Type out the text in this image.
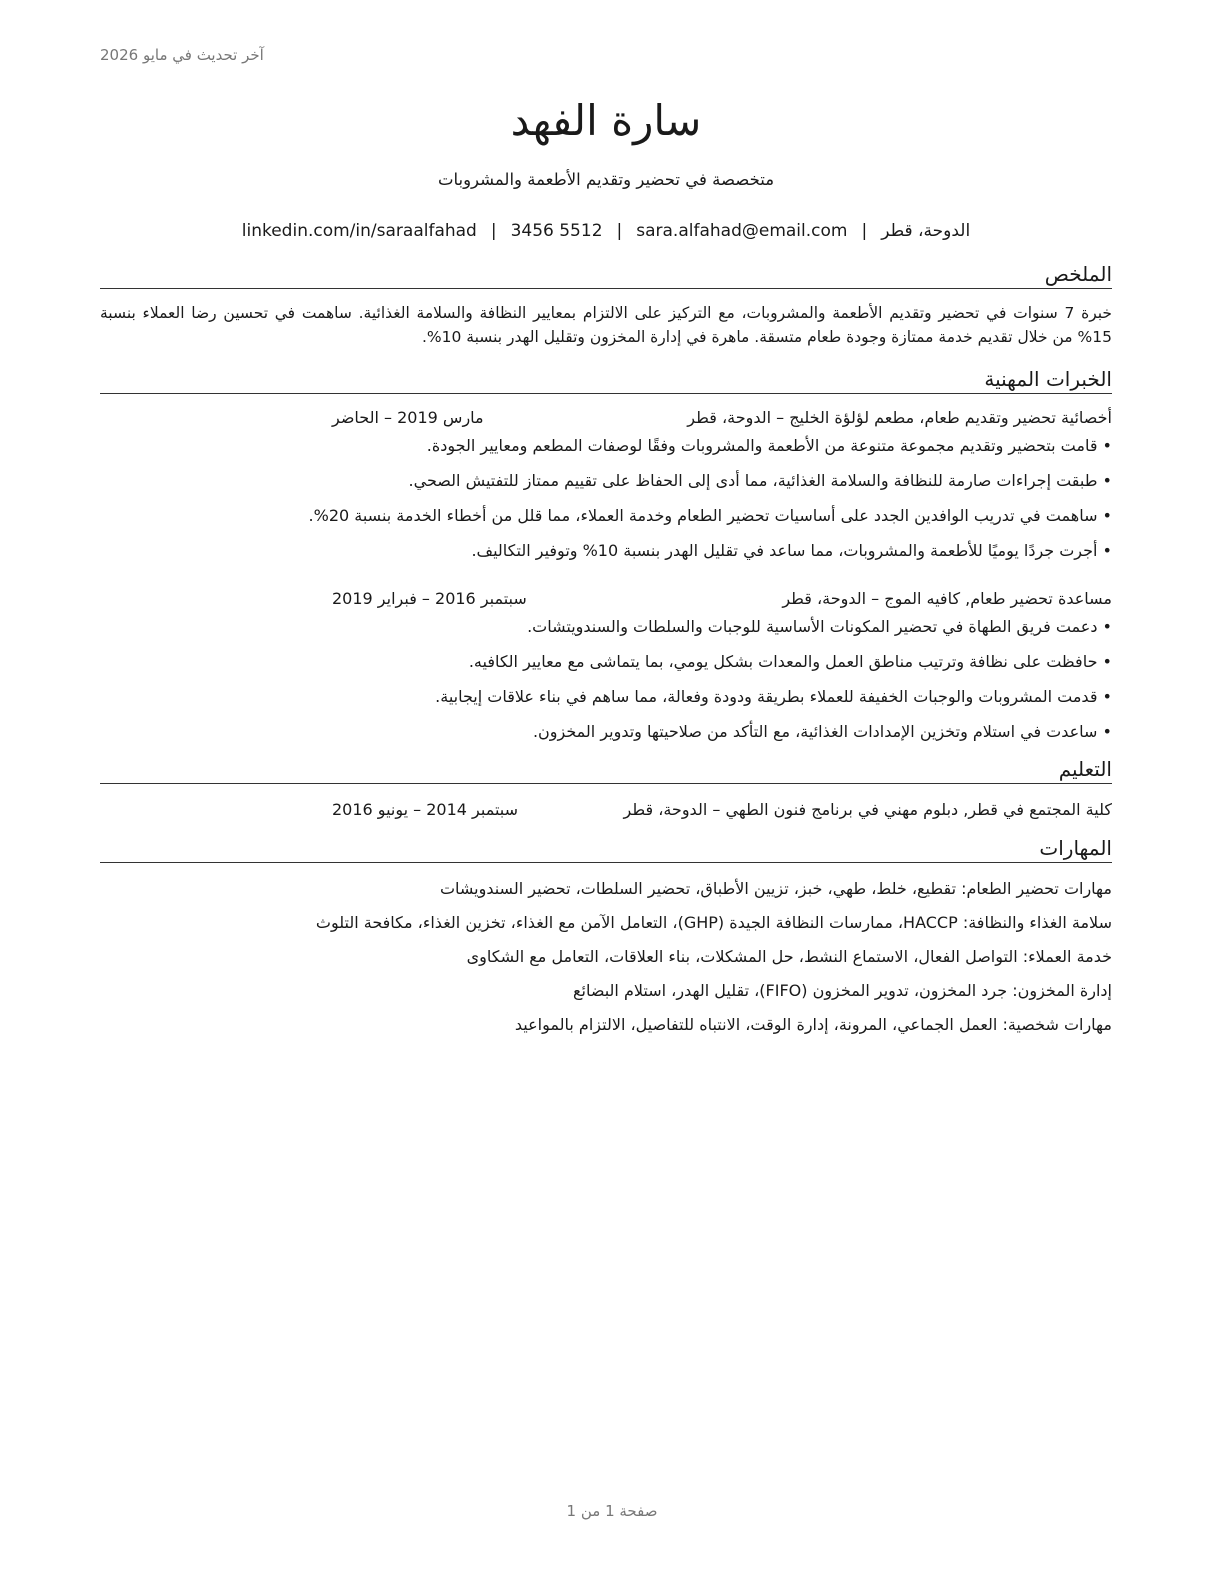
آخر تحديث في مايو 2026
سارة الفهد
متخصصة في تحضير وتقديم الأطعمة والمشروبات
الدوحة، قطر|sara.alfahad@email.com|3456 5512|linkedin.com/in/saraalfahad
الملخص
خبرة 7 سنوات في تحضير وتقديم الأطعمة والمشروبات، مع التركيز على الالتزام بمعايير النظافة والسلامة الغذائية. ساهمت في تحسين رضا العملاء بنسبة 15% من خلال تقديم خدمة ممتازة وجودة طعام متسقة. ماهرة في إدارة المخزون وتقليل الهدر بنسبة 10%.
الخبرات المهنية
أخصائية تحضير وتقديم طعام، مطعم لؤلؤة الخليج – الدوحة، قطر
مارس 2019 – الحاضر
• قامت بتحضير وتقديم مجموعة متنوعة من الأطعمة والمشروبات وفقًا لوصفات المطعم ومعايير الجودة.
• طبقت إجراءات صارمة للنظافة والسلامة الغذائية، مما أدى إلى الحفاظ على تقييم ممتاز للتفتيش الصحي.
• ساهمت في تدريب الوافدين الجدد على أساسيات تحضير الطعام وخدمة العملاء، مما قلل من أخطاء الخدمة بنسبة 20%.
• أجرت جردًا يوميًا للأطعمة والمشروبات، مما ساعد في تقليل الهدر بنسبة 10% وتوفير التكاليف.
مساعدة تحضير طعام, كافيه الموج – الدوحة، قطر
سبتمبر 2016 – فبراير 2019
• دعمت فريق الطهاة في تحضير المكونات الأساسية للوجبات والسلطات والسندويتشات.
• حافظت على نظافة وترتيب مناطق العمل والمعدات بشكل يومي، بما يتماشى مع معايير الكافيه.
• قدمت المشروبات والوجبات الخفيفة للعملاء بطريقة ودودة وفعالة، مما ساهم في بناء علاقات إيجابية.
• ساعدت في استلام وتخزين الإمدادات الغذائية، مع التأكد من صلاحيتها وتدوير المخزون.
التعليم
كلية المجتمع في قطر, دبلوم مهني في برنامج فنون الطهي – الدوحة، قطر
سبتمبر 2014 – يونيو 2016
المهارات
مهارات تحضير الطعام: تقطيع، خلط، طهي، خبز، تزيين الأطباق، تحضير السلطات، تحضير السندويشات
سلامة الغذاء والنظافة: HACCP، ممارسات النظافة الجيدة (GHP)، التعامل الآمن مع الغذاء، تخزين الغذاء، مكافحة التلوث
خدمة العملاء: التواصل الفعال، الاستماع النشط، حل المشكلات، بناء العلاقات، التعامل مع الشكاوى
إدارة المخزون: جرد المخزون، تدوير المخزون (FIFO)، تقليل الهدر، استلام البضائع
مهارات شخصية: العمل الجماعي، المرونة، إدارة الوقت، الانتباه للتفاصيل، الالتزام بالمواعيد
صفحة 1 من 1
